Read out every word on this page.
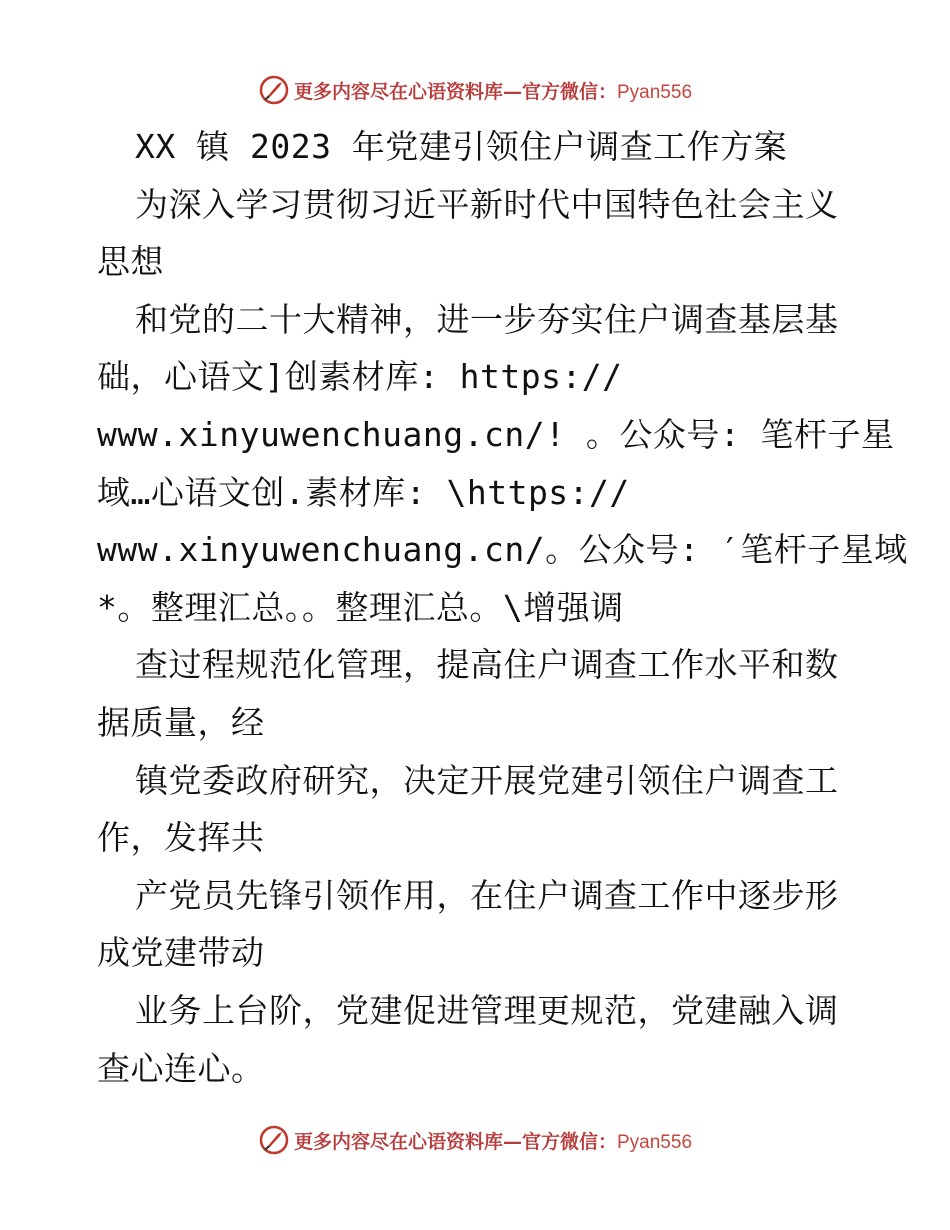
更多内容尽在心语资料库—官方微信：Pyan556
XX 镇 2023 年党建引领住户调查工作方案
为深入学习贯彻习近平新时代中国特色社会主义
思想
和党的二十大精神，进一步夯实住户调查基层基
础，心语文]创素材库: https://
www.xinyuwenchuang.cn/! 。公众号: 笔杆子星
域…心语文创.素材库: \https://
www.xinyuwenchuang.cn/。公众号: ′笔杆子星域
*。整理汇总。。整理汇总。\增强调
查过程规范化管理，提高住户调查工作水平和数
据质量，经
镇党委政府研究，决定开展党建引领住户调查工
作，发挥共
产党员先锋引领作用，在住户调查工作中逐步形
成党建带动
业务上台阶，党建促进管理更规范，党建融入调
查心连心。
更多内容尽在心语资料库—官方微信：Pyan556
